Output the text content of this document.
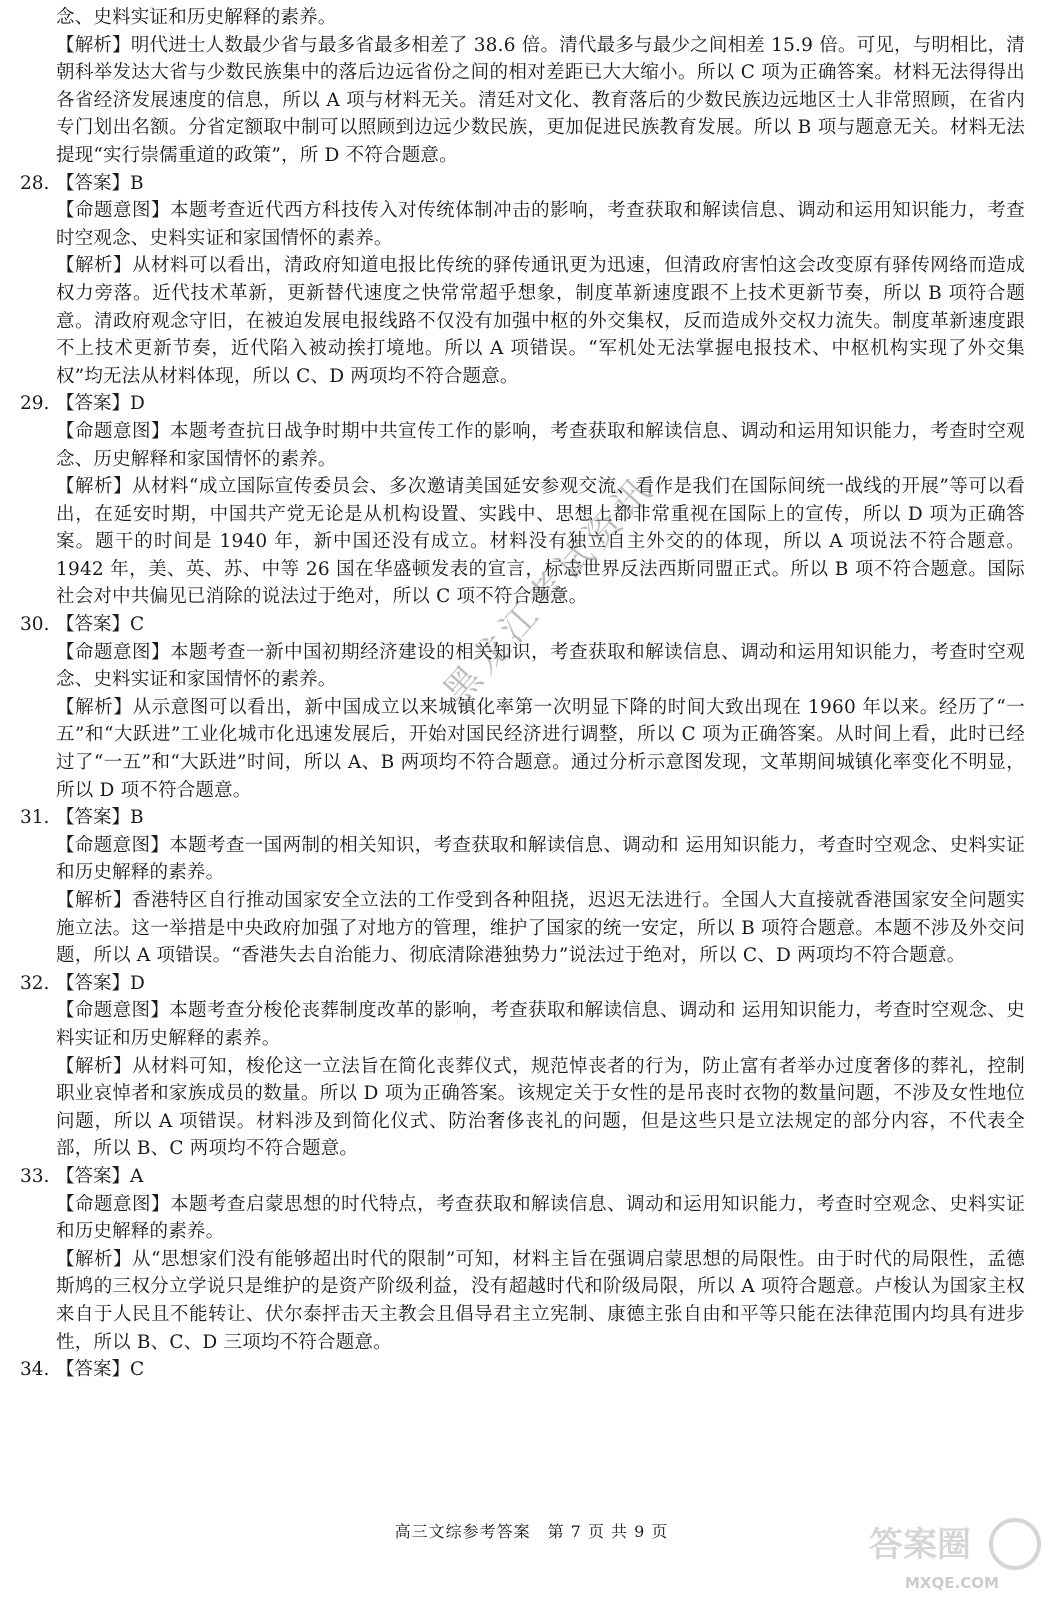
念、史料实证和历史解释的素养。

【解析】明代进士人数最少省与最多省最多相差了 38.6 倍。清代最多与最少之间相差 15.9 倍。可见，与明相比，清朝科举发达大省与少数民族集中的落后边远省份之间的相对差距已大大缩小。所以 C 项为正确答案。材料无法得得出各省经济发展速度的信息，所以 A 项与材料无关。清廷对文化、教育落后的少数民族边远地区士人非常照顾，在省内专门划出名额。分省定额取中制可以照顾到边远少数民族，更加促进民族教育发展。所以 B 项与题意无关。材料无法提现“实行崇儒重道的政策”，所 D 不符合题意。

28. 【答案】B

【命题意图】本题考查近代西方科技传入对传统体制冲击的影响，考查获取和解读信息、调动和运用知识能力，考查时空观念、史料实证和家国情怀的素养。

【解析】从材料可以看出，清政府知道电报比传统的驿传通讯更为迅速，但清政府害怕这会改变原有驿传网络而造成权力旁落。近代技术革新，更新替代速度之快常常超乎想象，制度革新速度跟不上技术更新节奏，所以 B 项符合题意。清政府观念守旧，在被迫发展电报线路不仅没有加强中枢的外交集权，反而造成外交权力流失。制度革新速度跟不上技术更新节奏，近代陷入被动挨打境地。所以 A 项错误。“军机处无法掌握电报技术、中枢机构实现了外交集权”均无法从材料体现，所以 C、D 两项均不符合题意。

29. 【答案】D

【命题意图】本题考查抗日战争时期中共宣传工作的影响，考查获取和解读信息、调动和运用知识能力，考查时空观念、历史解释和家国情怀的素养。

【解析】从材料“成立国际宣传委员会、多次邀请美国延安参观交流、看作是我们在国际间统一战线的开展”等可以看出，在延安时期，中国共产党无论是从机构设置、实践中、思想上都非常重视在国际上的宣传，所以 D 项为正确答案。题干的时间是 1940 年，新中国还没有成立。材料没有独立自主外交的的体现，所以 A 项说法不符合题意。1942 年，美、英、苏、中等 26 国在华盛顿发表的宣言，标志世界反法西斯同盟正式。所以 B 项不符合题意。国际社会对中共偏见已消除的说法过于绝对，所以 C 项不符合题意。

30. 【答案】C

【命题意图】本题考查一新中国初期经济建设的相关知识，考查获取和解读信息、调动和运用知识能力，考查时空观念、史料实证和家国情怀的素养。

【解析】从示意图可以看出，新中国成立以来城镇化率第一次明显下降的时间大致出现在 1960 年以来。经历了“一五”和“大跃进”工业化城市化迅速发展后，开始对国民经济进行调整，所以 C 项为正确答案。从时间上看，此时已经过了“一五”和“大跃进”时间，所以 A、B 两项均不符合题意。通过分析示意图发现，文革期间城镇化率变化不明显，所以 D 项不符合题意。

31. 【答案】B

【命题意图】本题考查一国两制的相关知识，考查获取和解读信息、调动和 运用知识能力，考查时空观念、史料实证和历史解释的素养。

【解析】香港特区自行推动国家安全立法的工作受到各种阻挠，迟迟无法进行。全国人大直接就香港国家安全问题实施立法。这一举措是中央政府加强了对地方的管理，维护了国家的统一安定，所以 B 项符合题意。本题不涉及外交问题，所以 A 项错误。“香港失去自治能力、彻底清除港独势力”说法过于绝对，所以 C、D 两项均不符合题意。

32. 【答案】D

【命题意图】本题考查分梭伦丧葬制度改革的影响，考查获取和解读信息、调动和 运用知识能力，考查时空观念、史料实证和历史解释的素养。

【解析】从材料可知，梭伦这一立法旨在简化丧葬仪式，规范悼丧者的行为，防止富有者举办过度奢侈的葬礼，控制职业哀悼者和家族成员的数量。所以 D 项为正确答案。该规定关于女性的是吊丧时衣物的数量问题，不涉及女性地位问题，所以 A 项错误。材料涉及到简化仪式、防治奢侈丧礼的问题，但是这些只是立法规定的部分内容，不代表全部，所以 B、C 两项均不符合题意。

33. 【答案】A

【命题意图】本题考查启蒙思想的时代特点，考查获取和解读信息、调动和运用知识能力，考查时空观念、史料实证和历史解释的素养。

【解析】从“思想家们没有能够超出时代的限制”可知，材料主旨在强调启蒙思想的局限性。由于时代的局限性，孟德斯鸠的三权分立学说只是维护的是资产阶级利益，没有超越时代和阶级局限，所以 A 项符合题意。卢梭认为国家主权来自于人民且不能转让、伏尔泰抨击天主教会且倡导君主立宪制、康德主张自由和平等只能在法律范围内均具有进步性，所以 B、C、D 三项均不符合题意。

34. 【答案】C
黑龙江考试资讯
高三文综参考答案　第 7 页 共 9 页	答案圈
MXQE.COM
